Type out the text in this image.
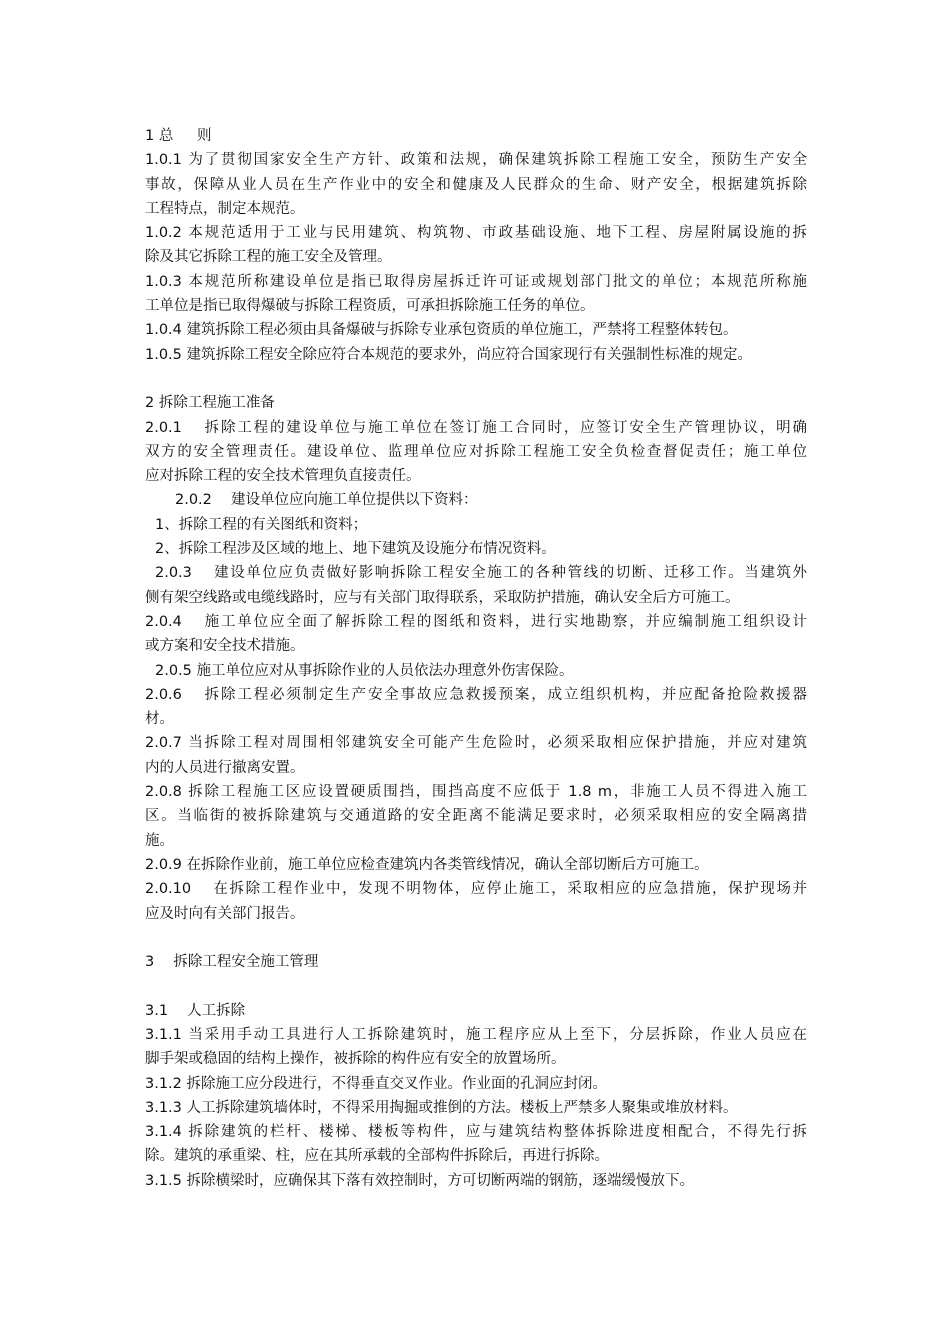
1 总 　 则
1.0.1 为了贯彻国家安全生产方针、政策和法规，确保建筑拆除工程施工安全，预防生产安全
事故，保障从业人员在生产作业中的安全和健康及人民群众的生命、财产安全，根据建筑拆除
工程特点，制定本规范。
1.0.2 本规范适用于工业与民用建筑、构筑物、市政基础设施、地下工程、房屋附属设施的拆
除及其它拆除工程的施工安全及管理。
1.0.3 本规范所称建设单位是指已取得房屋拆迁许可证或规划部门批文的单位；本规范所称施
工单位是指已取得爆破与拆除工程资质，可承担拆除施工任务的单位。
1.0.4 建筑拆除工程必须由具备爆破与拆除专业承包资质的单位施工，严禁将工程整体转包。
1.0.5 建筑拆除工程安全除应符合本规范的要求外，尚应符合国家现行有关强制性标准的规定。
2 拆除工程施工准备
2.0.1 　拆除工程的建设单位与施工单位在签订施工合同时，应签订安全生产管理协议，明确
双方的安全管理责任。建设单位、监理单位应对拆除工程施工安全负检查督促责任；施工单位
应对拆除工程的安全技术管理负直接责任。
2.0.2 　建设单位应向施工单位提供以下资料：
1、拆除工程的有关图纸和资料；
2、拆除工程涉及区域的地上、地下建筑及设施分布情况资料。
2.0.3 　建设单位应负责做好影响拆除工程安全施工的各种管线的切断、迁移工作。当建筑外
侧有架空线路或电缆线路时，应与有关部门取得联系，采取防护措施，确认安全后方可施工。
2.0.4 　施工单位应全面了解拆除工程的图纸和资料，进行实地勘察，并应编制施工组织设计
或方案和安全技术措施。
2.0.5 施工单位应对从事拆除作业的人员依法办理意外伤害保险。
2.0.6 　拆除工程必须制定生产安全事故应急救援预案，成立组织机构，并应配备抢险救援器
材。
2.0.7 当拆除工程对周围相邻建筑安全可能产生危险时，必须采取相应保护措施，并应对建筑
内的人员进行撤离安置。
2.0.8 拆除工程施工区应设置硬质围挡，围挡高度不应低于 1.8 m，非施工人员不得进入施工
区。当临街的被拆除建筑与交通道路的安全距离不能满足要求时，必须采取相应的安全隔离措
施。
2.0.9 在拆除作业前，施工单位应检查建筑内各类管线情况，确认全部切断后方可施工。
2.0.10 　在拆除工程作业中，发现不明物体，应停止施工，采取相应的应急措施，保护现场并
应及时向有关部门报告。
3 　拆除工程安全施工管理
3.1 　人工拆除
3.1.1 当采用手动工具进行人工拆除建筑时，施工程序应从上至下，分层拆除，作业人员应在
脚手架或稳固的结构上操作，被拆除的构件应有安全的放置场所。
3.1.2 拆除施工应分段进行，不得垂直交叉作业。作业面的孔洞应封闭。
3.1.3 人工拆除建筑墙体时，不得采用掏掘或推倒的方法。楼板上严禁多人聚集或堆放材料。
3.1.4 拆除建筑的栏杆、楼梯、楼板等构件，应与建筑结构整体拆除进度相配合，不得先行拆
除。建筑的承重梁、柱，应在其所承载的全部构件拆除后，再进行拆除。
3.1.5 拆除横梁时，应确保其下落有效控制时，方可切断两端的钢筋，逐端缓慢放下。
